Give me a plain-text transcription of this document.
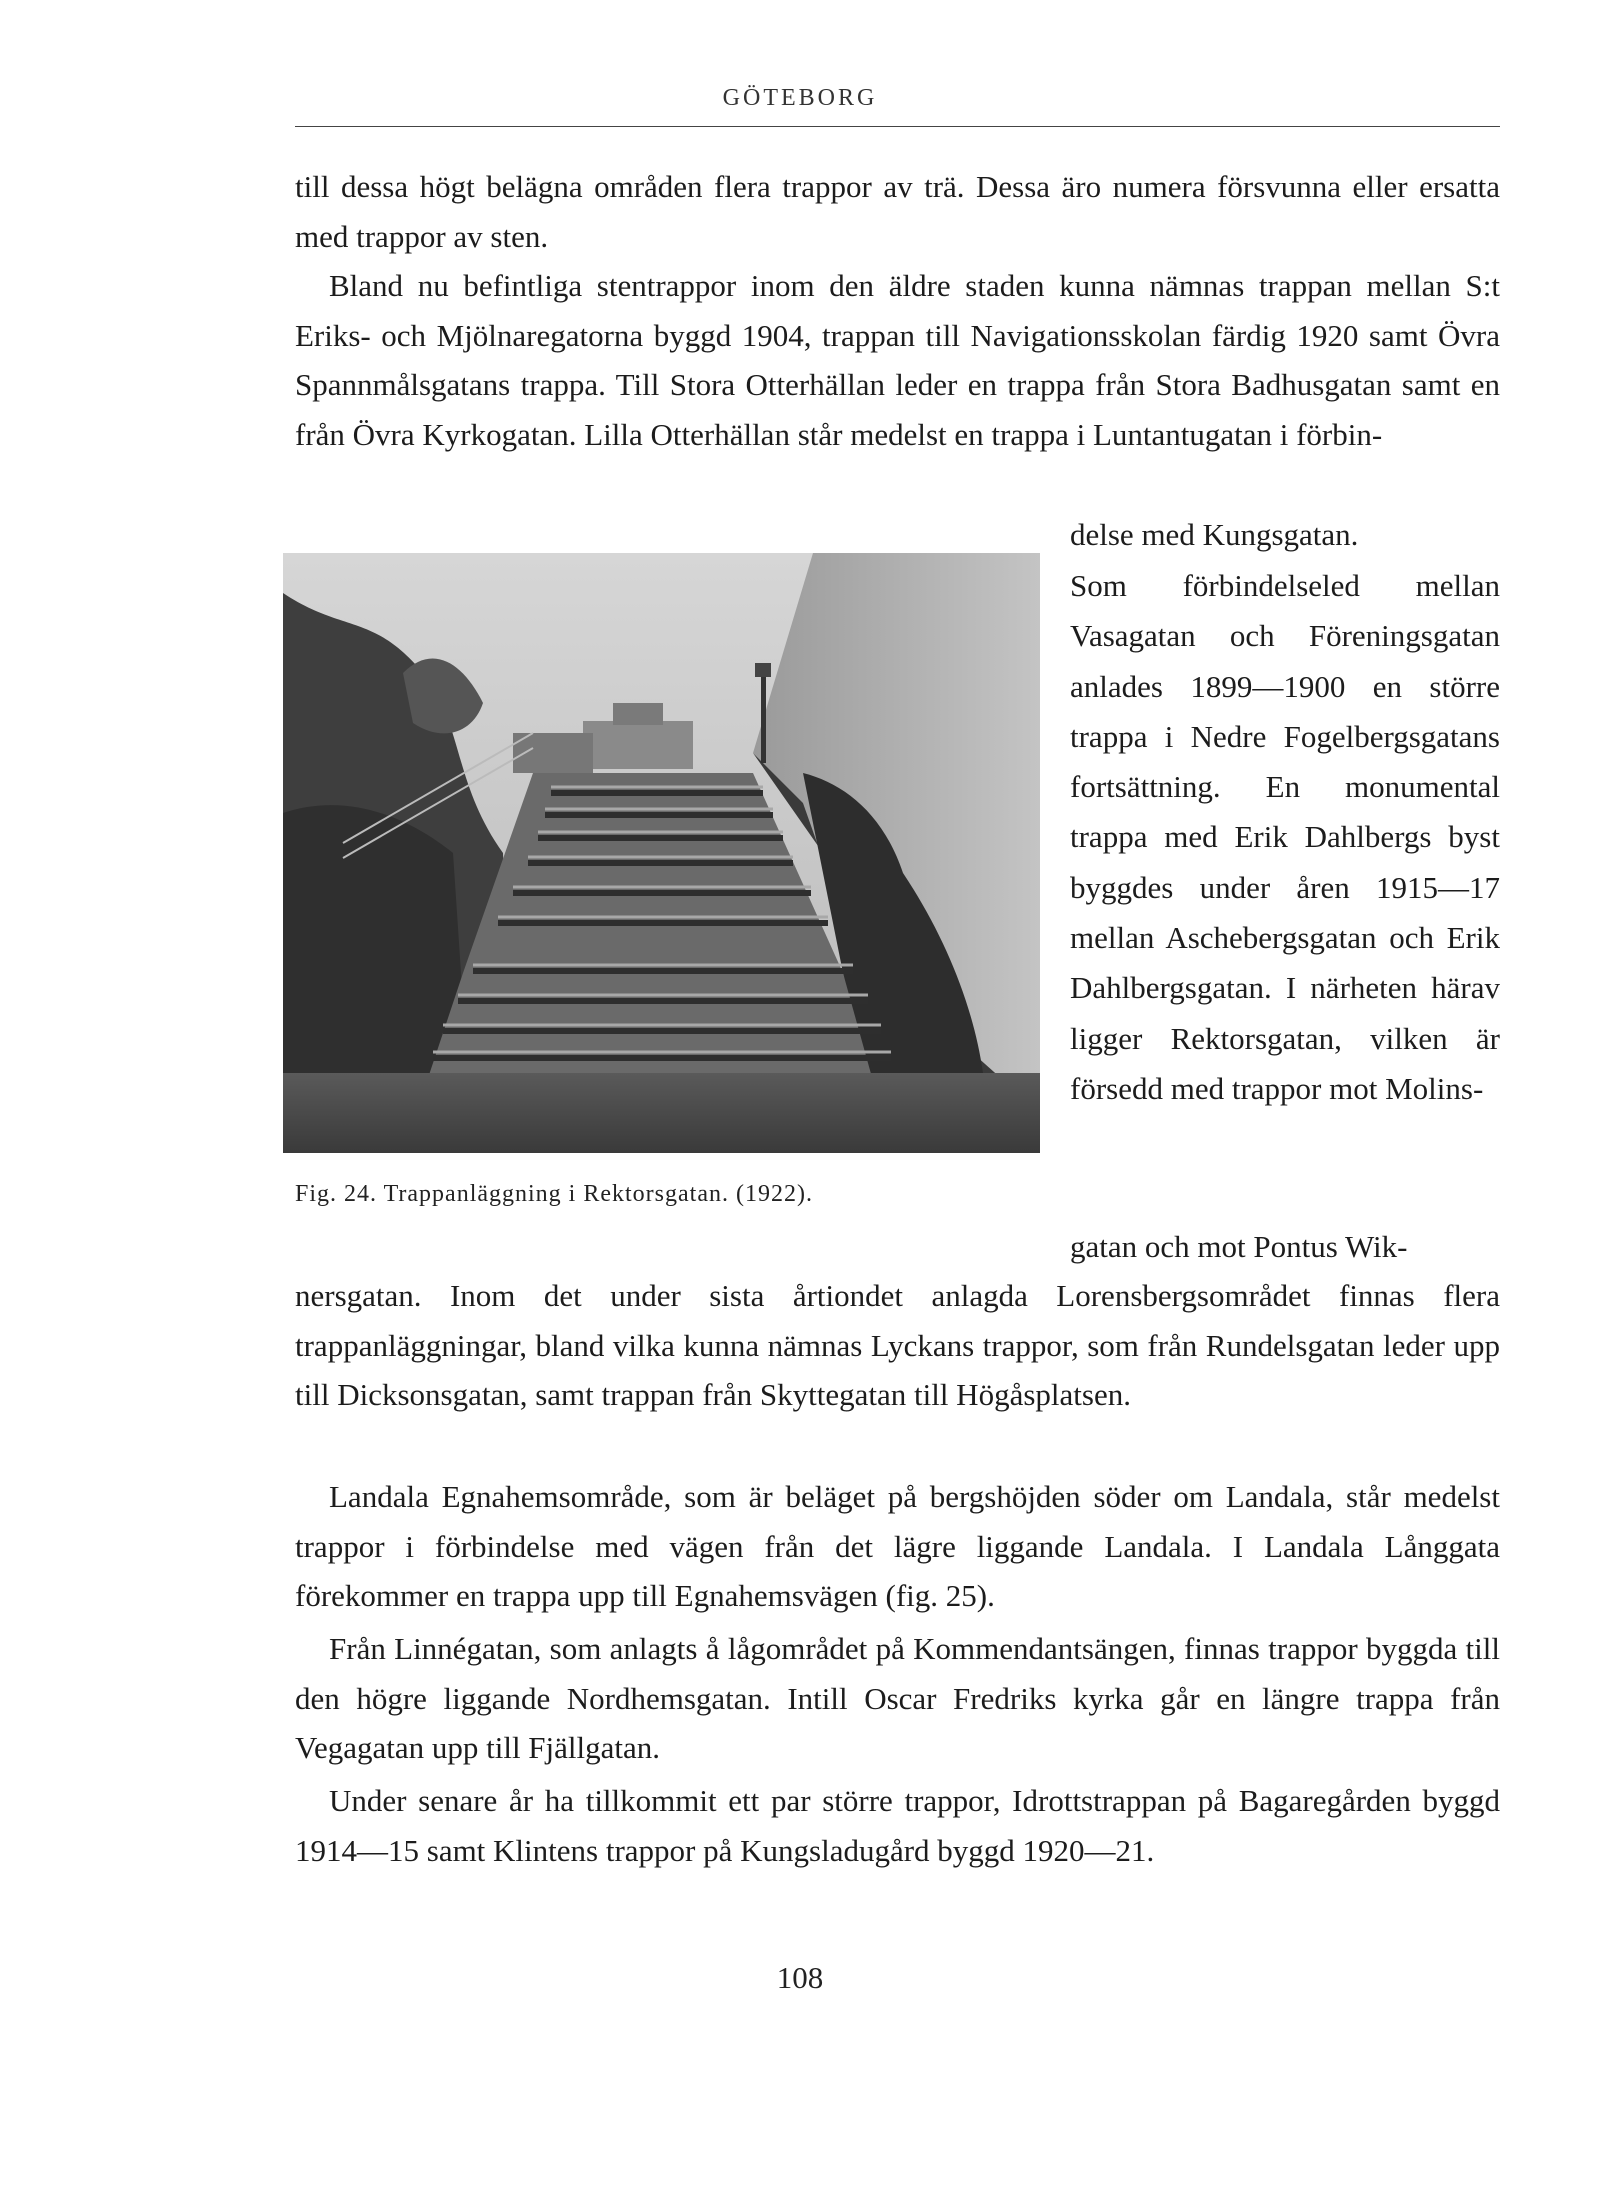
GÖTEBORG

till dessa högt belägna områden flera trappor av trä. Dessa äro numera försvunna eller ersatta med trappor av sten.

Bland nu befintliga stentrappor inom den äldre staden kunna nämnas trappan mellan S:t Eriks- och Mjölnaregatorna byggd 1904, trappan till Navigationsskolan färdig 1920 samt Övra Spannmålsgatans trappa. Till Stora Otterhällan leder en trappa från Stora Badhusgatan samt en från Övra Kyrkogatan. Lilla Otterhällan står medelst en trappa i Luntantugatan i förbin-

delse med Kungsgatan.

Som förbindelseled mellan Vasagatan och Föreningsgatan anlades 1899—1900 en större trappa i Nedre Fogelbergsgatans fortsättning. En monumental trappa med Erik Dahlbergs byst byggdes under åren 1915—17 mellan Aschebergsgatan och Erik Dahlbergsgatan. I närheten härav ligger Rektorsgatan, vilken är försedd med trappor mot Molins-

gatan och mot Pontus Wik-

Fig. 24. Trappanläggning i Rektorsgatan. (1922).

nersgatan. Inom det under sista årtiondet anlagda Lorensbergsområdet finnas flera trappanläggningar, bland vilka kunna nämnas Lyckans trappor, som från Rundelsgatan leder upp till Dicksonsgatan, samt trappan från Skyttegatan till Högåsplatsen.

Landala Egnahemsområde, som är beläget på bergshöjden söder om Landala, står medelst trappor i förbindelse med vägen från det lägre liggande Landala. I Landala Långgata förekommer en trappa upp till Egnahemsvägen (fig. 25).

Från Linnégatan, som anlagts å lågområdet på Kommendantsängen, finnas trappor byggda till den högre liggande Nordhemsgatan. Intill Oscar Fredriks kyrka går en längre trappa från Vegagatan upp till Fjällgatan.

Under senare år ha tillkommit ett par större trappor, Idrottstrappan på Bagaregården byggd 1914—15 samt Klintens trappor på Kungsladugård byggd 1920—21.

108
